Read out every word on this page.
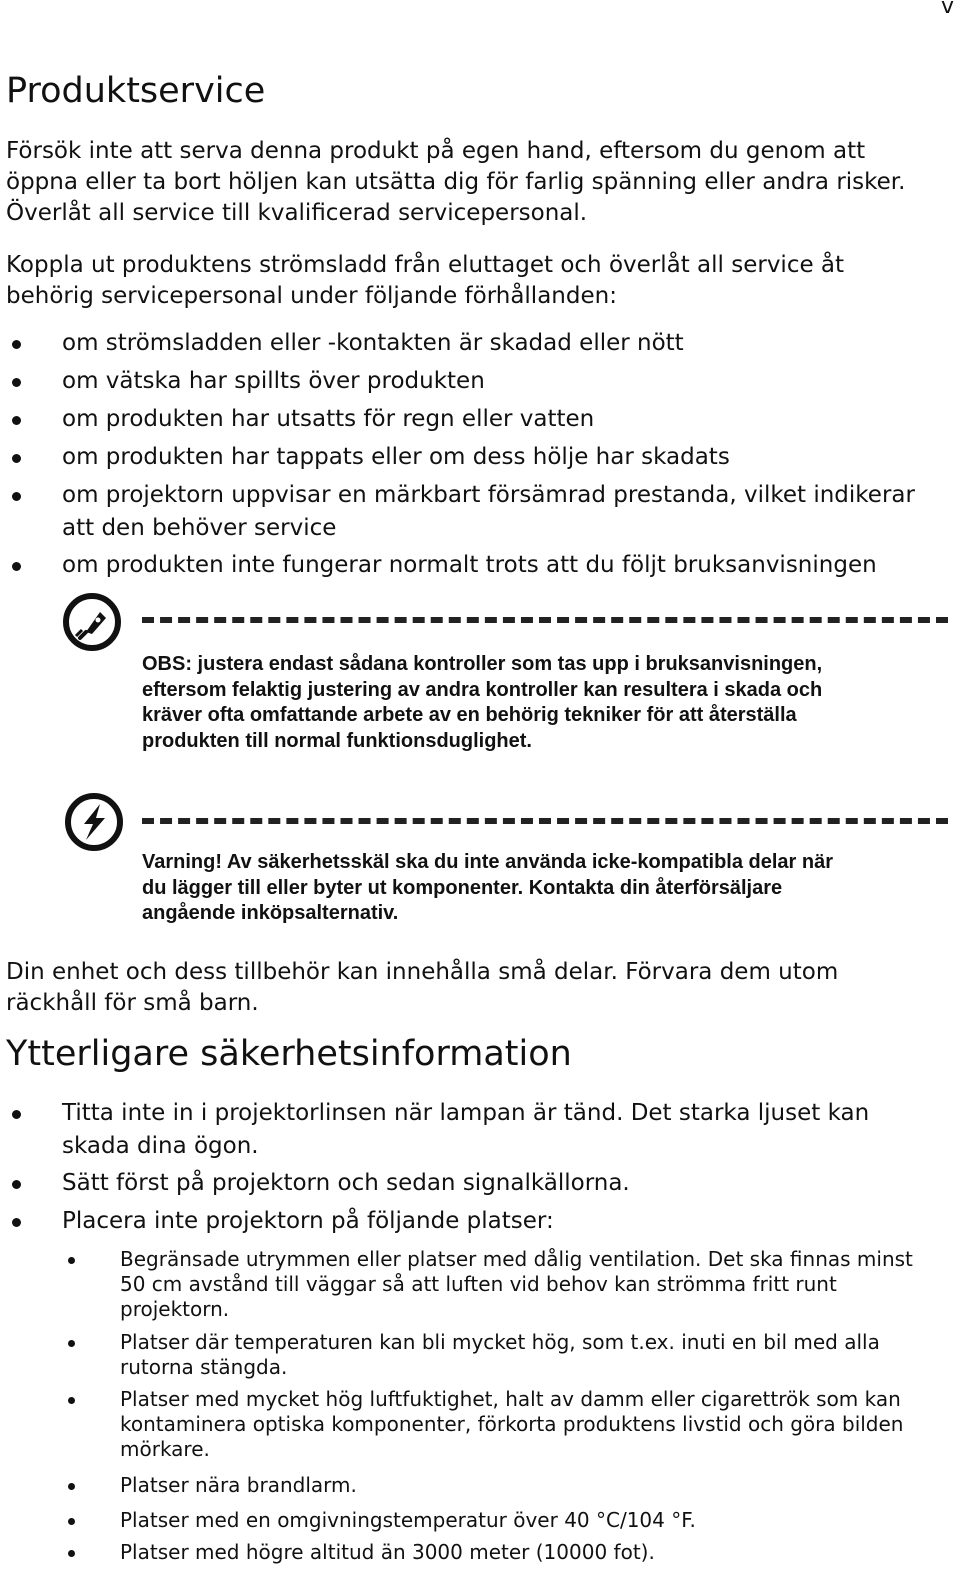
v
Produktservice
Försök inte att serva denna produkt på egen hand, eftersom du genom att
öppna eller ta bort höljen kan utsätta dig för farlig spänning eller andra risker.
Överlåt all service till kvalificerad servicepersonal.
Koppla ut produktens strömsladd från eluttaget och överlåt all service åt
behörig servicepersonal under följande förhållanden:
om strömsladden eller -kontakten är skadad eller nött
om vätska har spillts över produkten
om produkten har utsatts för regn eller vatten
om produkten har tappats eller om dess hölje har skadats
om projektorn uppvisar en märkbart försämrad prestanda, vilket indikerar
att den behöver service
om produkten inte fungerar normalt trots att du följt bruksanvisningen
OBS: justera endast sådana kontroller som tas upp i bruksanvisningen,
eftersom felaktig justering av andra kontroller kan resultera i skada och
kräver ofta omfattande arbete av en behörig tekniker för att återställa
produkten till normal funktionsduglighet.
Varning! Av säkerhetsskäl ska du inte använda icke-kompatibla delar när
du lägger till eller byter ut komponenter. Kontakta din återförsäljare
angående inköpsalternativ.
Din enhet och dess tillbehör kan innehålla små delar. Förvara dem utom
räckhåll för små barn.
Ytterligare säkerhetsinformation
Titta inte in i projektorlinsen när lampan är tänd. Det starka ljuset kan
skada dina ögon.
Sätt först på projektorn och sedan signalkällorna.
Placera inte projektorn på följande platser:
Begränsade utrymmen eller platser med dålig ventilation. Det ska finnas minst
50 cm avstånd till väggar så att luften vid behov kan strömma fritt runt
projektorn.
Platser där temperaturen kan bli mycket hög, som t.ex. inuti en bil med alla
rutorna stängda.
Platser med mycket hög luftfuktighet, halt av damm eller cigarettrök som kan
kontaminera optiska komponenter, förkorta produktens livstid och göra bilden
mörkare.
Platser nära brandlarm.
Platser med en omgivningstemperatur över 40 °C/104 °F.
Platser med högre altitud än 3000 meter (10000 fot).
